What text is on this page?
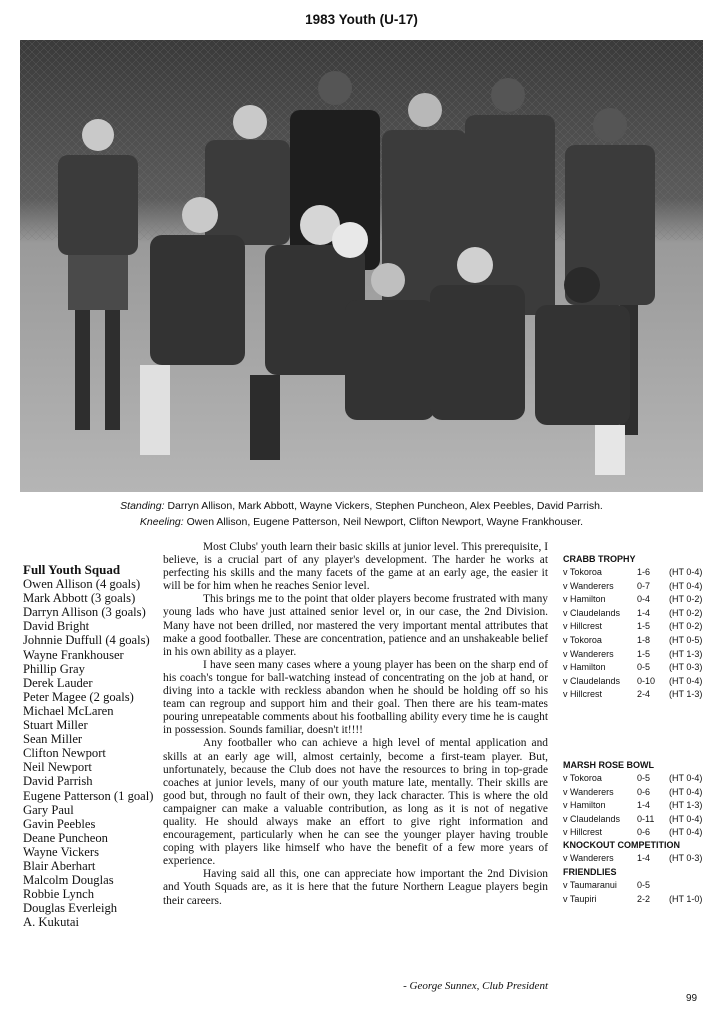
1983 Youth (U-17)
Standing: Darryn Allison, Mark Abbott, Wayne Vickers, Stephen Puncheon, Alex Peebles, David Parrish.
Kneeling: Owen Allison, Eugene Patterson, Neil Newport, Clifton Newport, Wayne Frankhouser.
Full Youth Squad
Owen Allison (4 goals)
Mark Abbott (3 goals)
Darryn Allison (3 goals)
David Bright
Johnnie Duffull (4 goals)
Wayne Frankhouser
Phillip Gray
Derek Lauder
Peter Magee (2 goals)
Michael McLaren
Stuart Miller
Sean Miller
Clifton Newport
Neil Newport
David Parrish
Eugene Patterson (1 goal)
Gary Paul
Gavin Peebles
Deane Puncheon
Wayne Vickers
Blair Aberhart
Malcolm Douglas
Robbie Lynch
Douglas Everleigh
A. Kukutai

Most Clubs' youth learn their basic skills at junior level. This prerequisite, I believe, is a crucial part of any player's development. The harder he works at perfecting his skills and the many facets of the game at an early age, the easier it will be for him when he reaches Senior level.

This brings me to the point that older players become frustrated with many young lads who have just attained senior level or, in our case, the 2nd Division. Many have not been drilled, nor mastered the very important mental attributes that make a good footballer. These are concentration, patience and an unshakeable belief in his own ability as a player.

I have seen many cases where a young player has been on the sharp end of his coach's tongue for ball-watching instead of concentrating on the job at hand, or diving into a tackle with reckless abandon when he should be holding off so his team can regroup and support him and their goal. Then there are his team-mates pouring unrepeatable comments about his footballing ability every time he is caught in possession. Sounds familiar, doesn't it!!!!

Any footballer who can achieve a high level of mental application and skills at an early age will, almost certainly, become a first-team player. But, unfortunately, because the Club does not have the resources to bring in top-grade coaches at junior levels, many of our youth mature late, mentally. Their skills are good but, through no fault of their own, they lack character. This is where the old campaigner can make a valuable contribution, as long as it is not of negative quality. He should always make an effort to give right information and encouragement, particularly when he can see the younger player having trouble coping with players like himself who have the benefit of a few more years of experience.

Having said all this, one can appreciate how important the 2nd Division and Youth Squads are, as it is here that the future Northern League players begin their careers.

- George Sunnex, Club President
CRABB TROPHY
v Tokoroa	1-6	(HT 0-4)
v Wanderers	0-7	(HT 0-4)
v Hamilton	0-4	(HT 0-2)
v Claudelands	1-4	(HT 0-2)
v Hillcrest	1-5	(HT 0-2)
v Tokoroa	1-8	(HT 0-5)
v Wanderers	1-5	(HT 1-3)
v Hamilton	0-5	(HT 0-3)
v Claudelands	0-10	(HT 0-4)
v Hillcrest	2-4	(HT 1-3)
MARSH ROSE BOWL
v Tokoroa	0-5	(HT 0-4)
v Wanderers	0-6	(HT 0-4)
v Hamilton	1-4	(HT 1-3)
v Claudelands	0-11	(HT 0-4)
v Hillcrest	0-6	(HT 0-4)
KNOCKOUT COMPETITION
v Wanderers	1-4	(HT 0-3)
FRIENDLIES
v Taumaranui	0-5
v Taupiri	2-2	(HT 1-0)
99
